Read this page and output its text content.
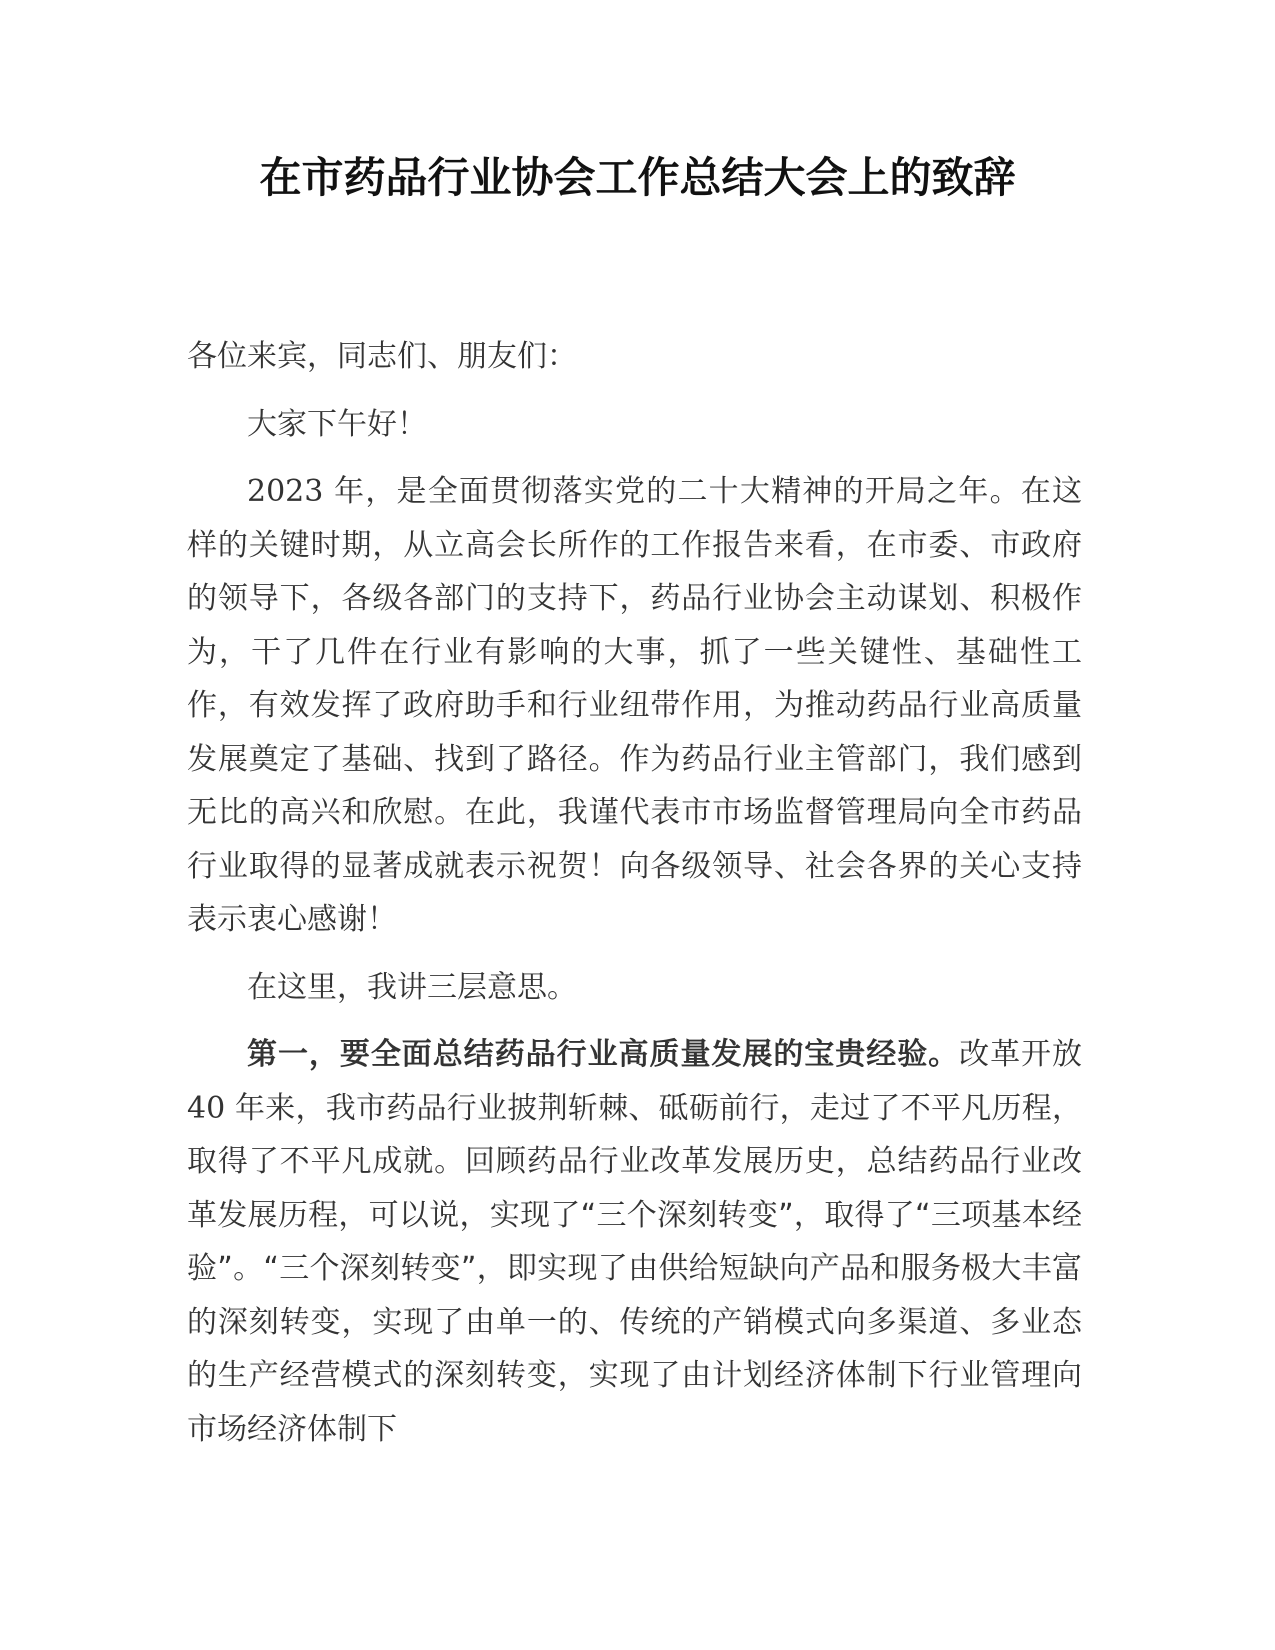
在市药品行业协会工作总结大会上的致辞

各位来宾，同志们、朋友们：

大家下午好！

2023 年，是全面贯彻落实党的二十大精神的开局之年。在这样的关键时期，从立高会长所作的工作报告来看，在市委、市政府的领导下，各级各部门的支持下，药品行业协会主动谋划、积极作为，干了几件在行业有影响的大事，抓了一些关键性、基础性工作，有效发挥了政府助手和行业纽带作用，为推动药品行业高质量发展奠定了基础、找到了路径。作为药品行业主管部门，我们感到无比的高兴和欣慰。在此，我谨代表市市场监督管理局向全市药品行业取得的显著成就表示祝贺！向各级领导、社会各界的关心支持表示衷心感谢！

在这里，我讲三层意思。

第一，要全面总结药品行业高质量发展的宝贵经验。改革开放 40 年来，我市药品行业披荆斩棘、砥砺前行，走过了不平凡历程，取得了不平凡成就。回顾药品行业改革发展历史，总结药品行业改革发展历程，可以说，实现了“三个深刻转变”，取得了“三项基本经验”。“三个深刻转变”，即实现了由供给短缺向产品和服务极大丰富的深刻转变，实现了由单一的、传统的产销模式向多渠道、多业态的生产经营模式的深刻转变，实现了由计划经济体制下行业管理向市场经济体制下
